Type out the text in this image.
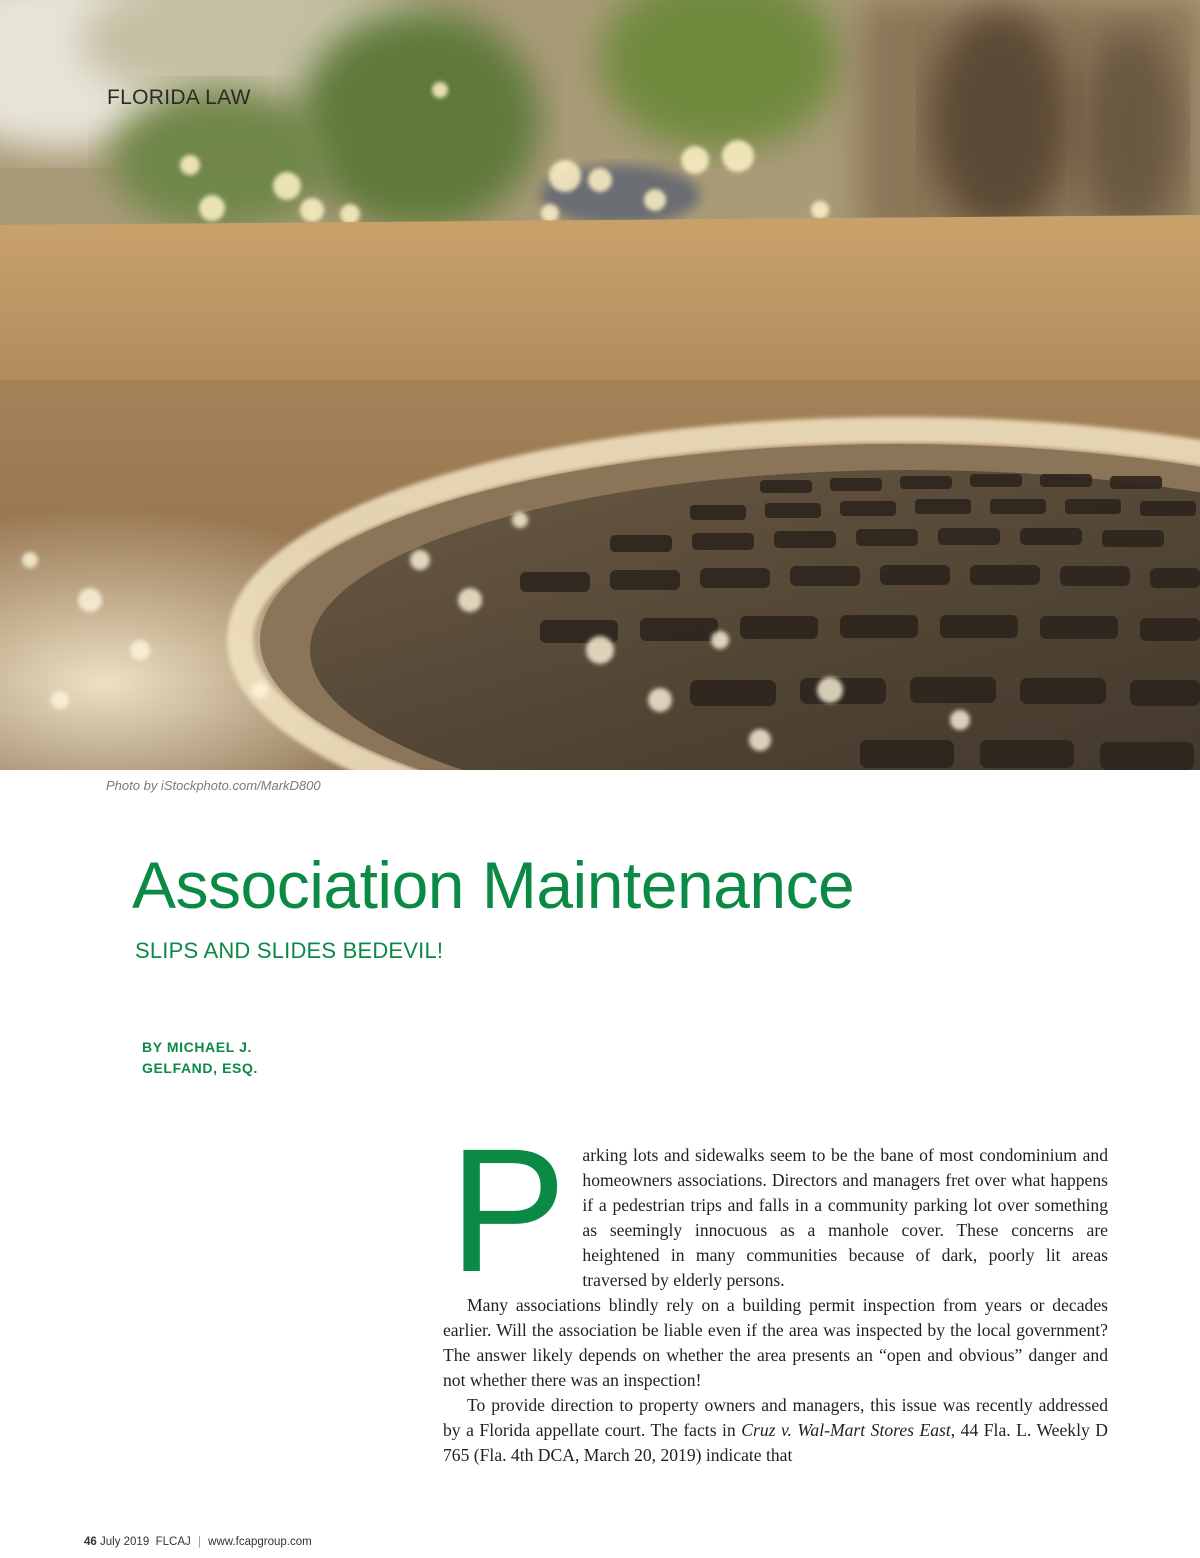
FLORIDA LAW
Photo by iStockphoto.com/MarkD800
Association Maintenance
SLIPS AND SLIDES BEDEVIL!
BY MICHAEL J.
GELFAND, ESQ.

Parking lots and sidewalks seem to be the bane of most condominium and homeowners associations. Directors and managers fret over what happens if a pedestrian trips and falls in a community parking lot over something as seemingly innocuous as a manhole cover. These concerns are heightened in many communities because of dark, poorly lit areas traversed by elderly persons.

Many associations blindly rely on a building permit inspection from years or decades earlier. Will the association be liable even if the area was inspected by the local government? The answer likely depends on whether the area presents an “open and obvious” danger and not whether there was an inspection!

To provide direction to property owners and managers, this issue was recently addressed by a Florida appellate court. The facts in Cruz v. Wal-Mart Stores East, 44 Fla. L. Weekly D 765 (Fla. 4th DCA, March 20, 2019) indicate that

46 July 2019  FLCAJ | www.fcapgroup.com
